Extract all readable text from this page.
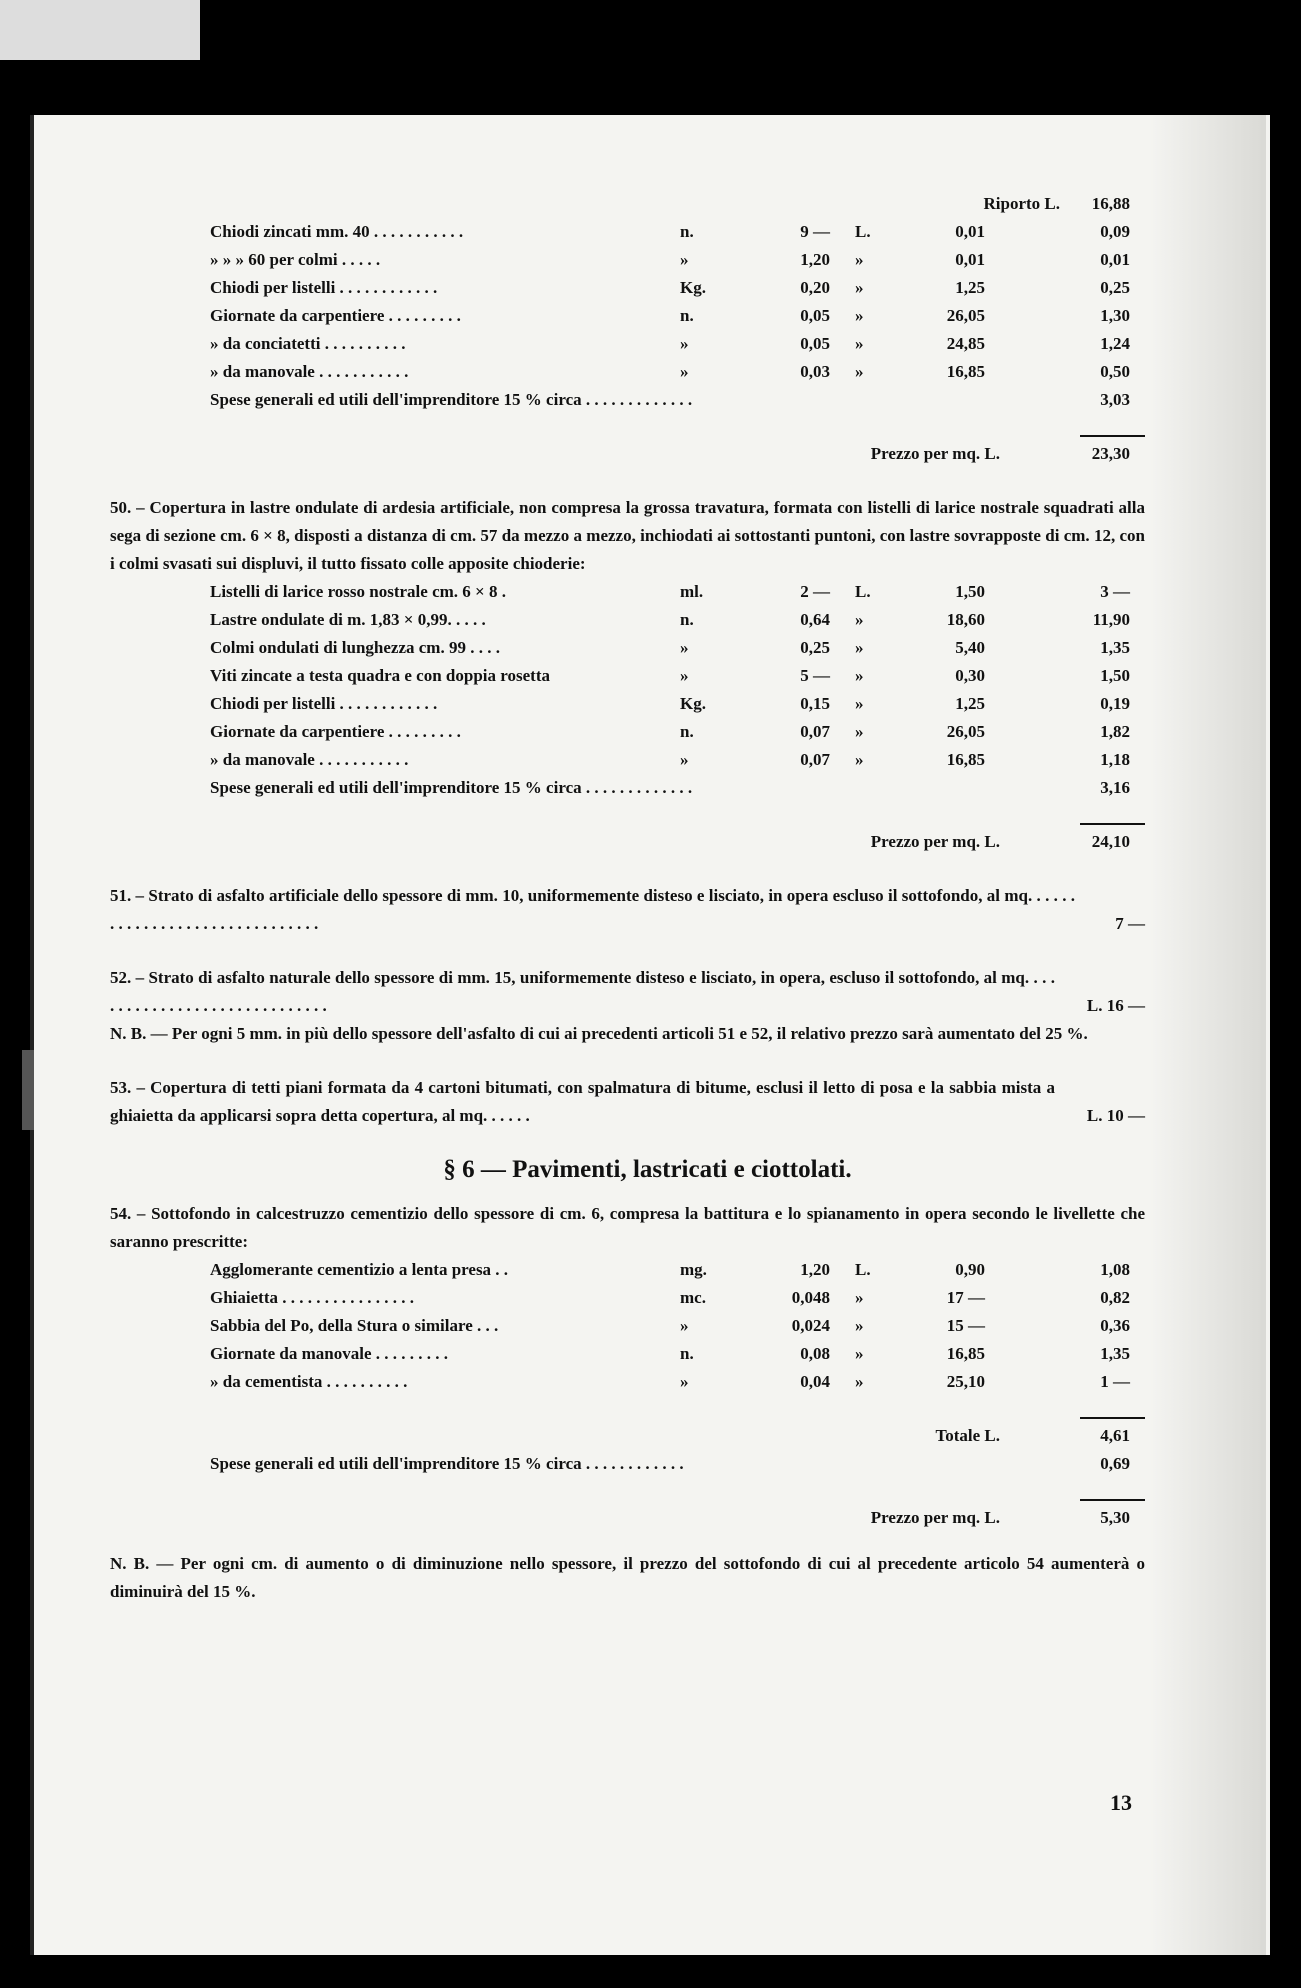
Riporto L.	16,88
Chiodi zincati mm. 40 . . . . . . . . . . .	n.	9 — L.	0,01	0,09
» » » 60 per colmi . . . . .	»	1,20 »	0,01	0,01
Chiodi per listelli . . . . . . . . . . . .	Kg.	0,20 »	1,25	0,25
Giornate da carpentiere . . . . . . . . .	n.	0,05 »	26,05	1,30
» da conciatetti . . . . . . . . . .	»	0,05 »	24,85	1,24
» da manovale . . . . . . . . . . .	»	0,03 »	16,85	0,50
Spese generali ed utili dell'imprenditore 15 % circa . . . . . . . . . . . . .	3,03
Prezzo per mq. L.	23,30

50. – Copertura in lastre ondulate di ardesia artificiale, non compresa la grossa travatura, formata con listelli di larice nostrale squadrati alla sega di sezione cm. 6 × 8, disposti a distanza di cm. 57 da mezzo a mezzo, inchiodati ai sottostanti puntoni, con lastre sovrapposte di cm. 12, con i colmi svasati sui displuvi, il tutto fissato colle apposite chioderie:

Listelli di larice rosso nostrale cm. 6 × 8 .	ml.	2 — L.	1,50	3 —
Lastre ondulate di m. 1,83 × 0,99. . . . .	n.	0,64 »	18,60	11,90
Colmi ondulati di lunghezza cm. 99 . . . .	»	0,25 »	5,40	1,35
Viti zincate a testa quadra e con doppia rosetta	»	5 — »	0,30	1,50
Chiodi per listelli . . . . . . . . . . . .	Kg.	0,15 »	1,25	0,19
Giornate da carpentiere . . . . . . . . .	n.	0,07 »	26,05	1,82
» da manovale . . . . . . . . . . .	»	0,07 »	16,85	1,18
Spese generali ed utili dell'imprenditore 15 % circa . . . . . . . . . . . . .	3,16
Prezzo per mq. L.	24,10

51. – Strato di asfalto artificiale dello spessore di mm. 10, uniformemente disteso e lisciato, in opera escluso il sottofondo, al mq. . . . . . . . . . . . . . . . . . . . . . . . . . . . . . .	7 —

52. – Strato di asfalto naturale dello spessore di mm. 15, uniformemente disteso e lisciato, in opera, escluso il sottofondo, al mq. . . . . . . . . . . . . . . . . . . . . . . . . . . . . .	L. 16 —

N. B. — Per ogni 5 mm. in più dello spessore dell'asfalto di cui ai precedenti articoli 51 e 52, il relativo prezzo sarà aumentato del 25 %.

53. – Copertura di tetti piani formata da 4 cartoni bitumati, con spalmatura di bitume, esclusi il letto di posa e la sabbia mista a ghiaietta da applicarsi sopra detta copertura, al mq. . . . . .	L. 10 —

§ 6 — Pavimenti, lastricati e ciottolati.

54. – Sottofondo in calcestruzzo cementizio dello spessore di cm. 6, compresa la battitura e lo spianamento in opera secondo le livellette che saranno prescritte:

Agglomerante cementizio a lenta presa . .	mg.	1,20 L.	0,90	1,08
Ghiaietta . . . . . . . . . . . . . . . .	mc.	0,048 »	17 —	0,82
Sabbia del Po, della Stura o similare . . .	»	0,024 »	15 —	0,36
Giornate da manovale . . . . . . . . .	n.	0,08 »	16,85	1,35
» da cementista . . . . . . . . . .	»	0,04 »	25,10	1 —
Totale L.	4,61
Spese generali ed utili dell'imprenditore 15 % circa . . . . . . . . . . . .	0,69
Prezzo per mq. L.	5,30

N. B. — Per ogni cm. di aumento o di diminuzione nello spessore, il prezzo del sottofondo di cui al precedente articolo 54 aumenterà o diminuirà del 15 %.

13
